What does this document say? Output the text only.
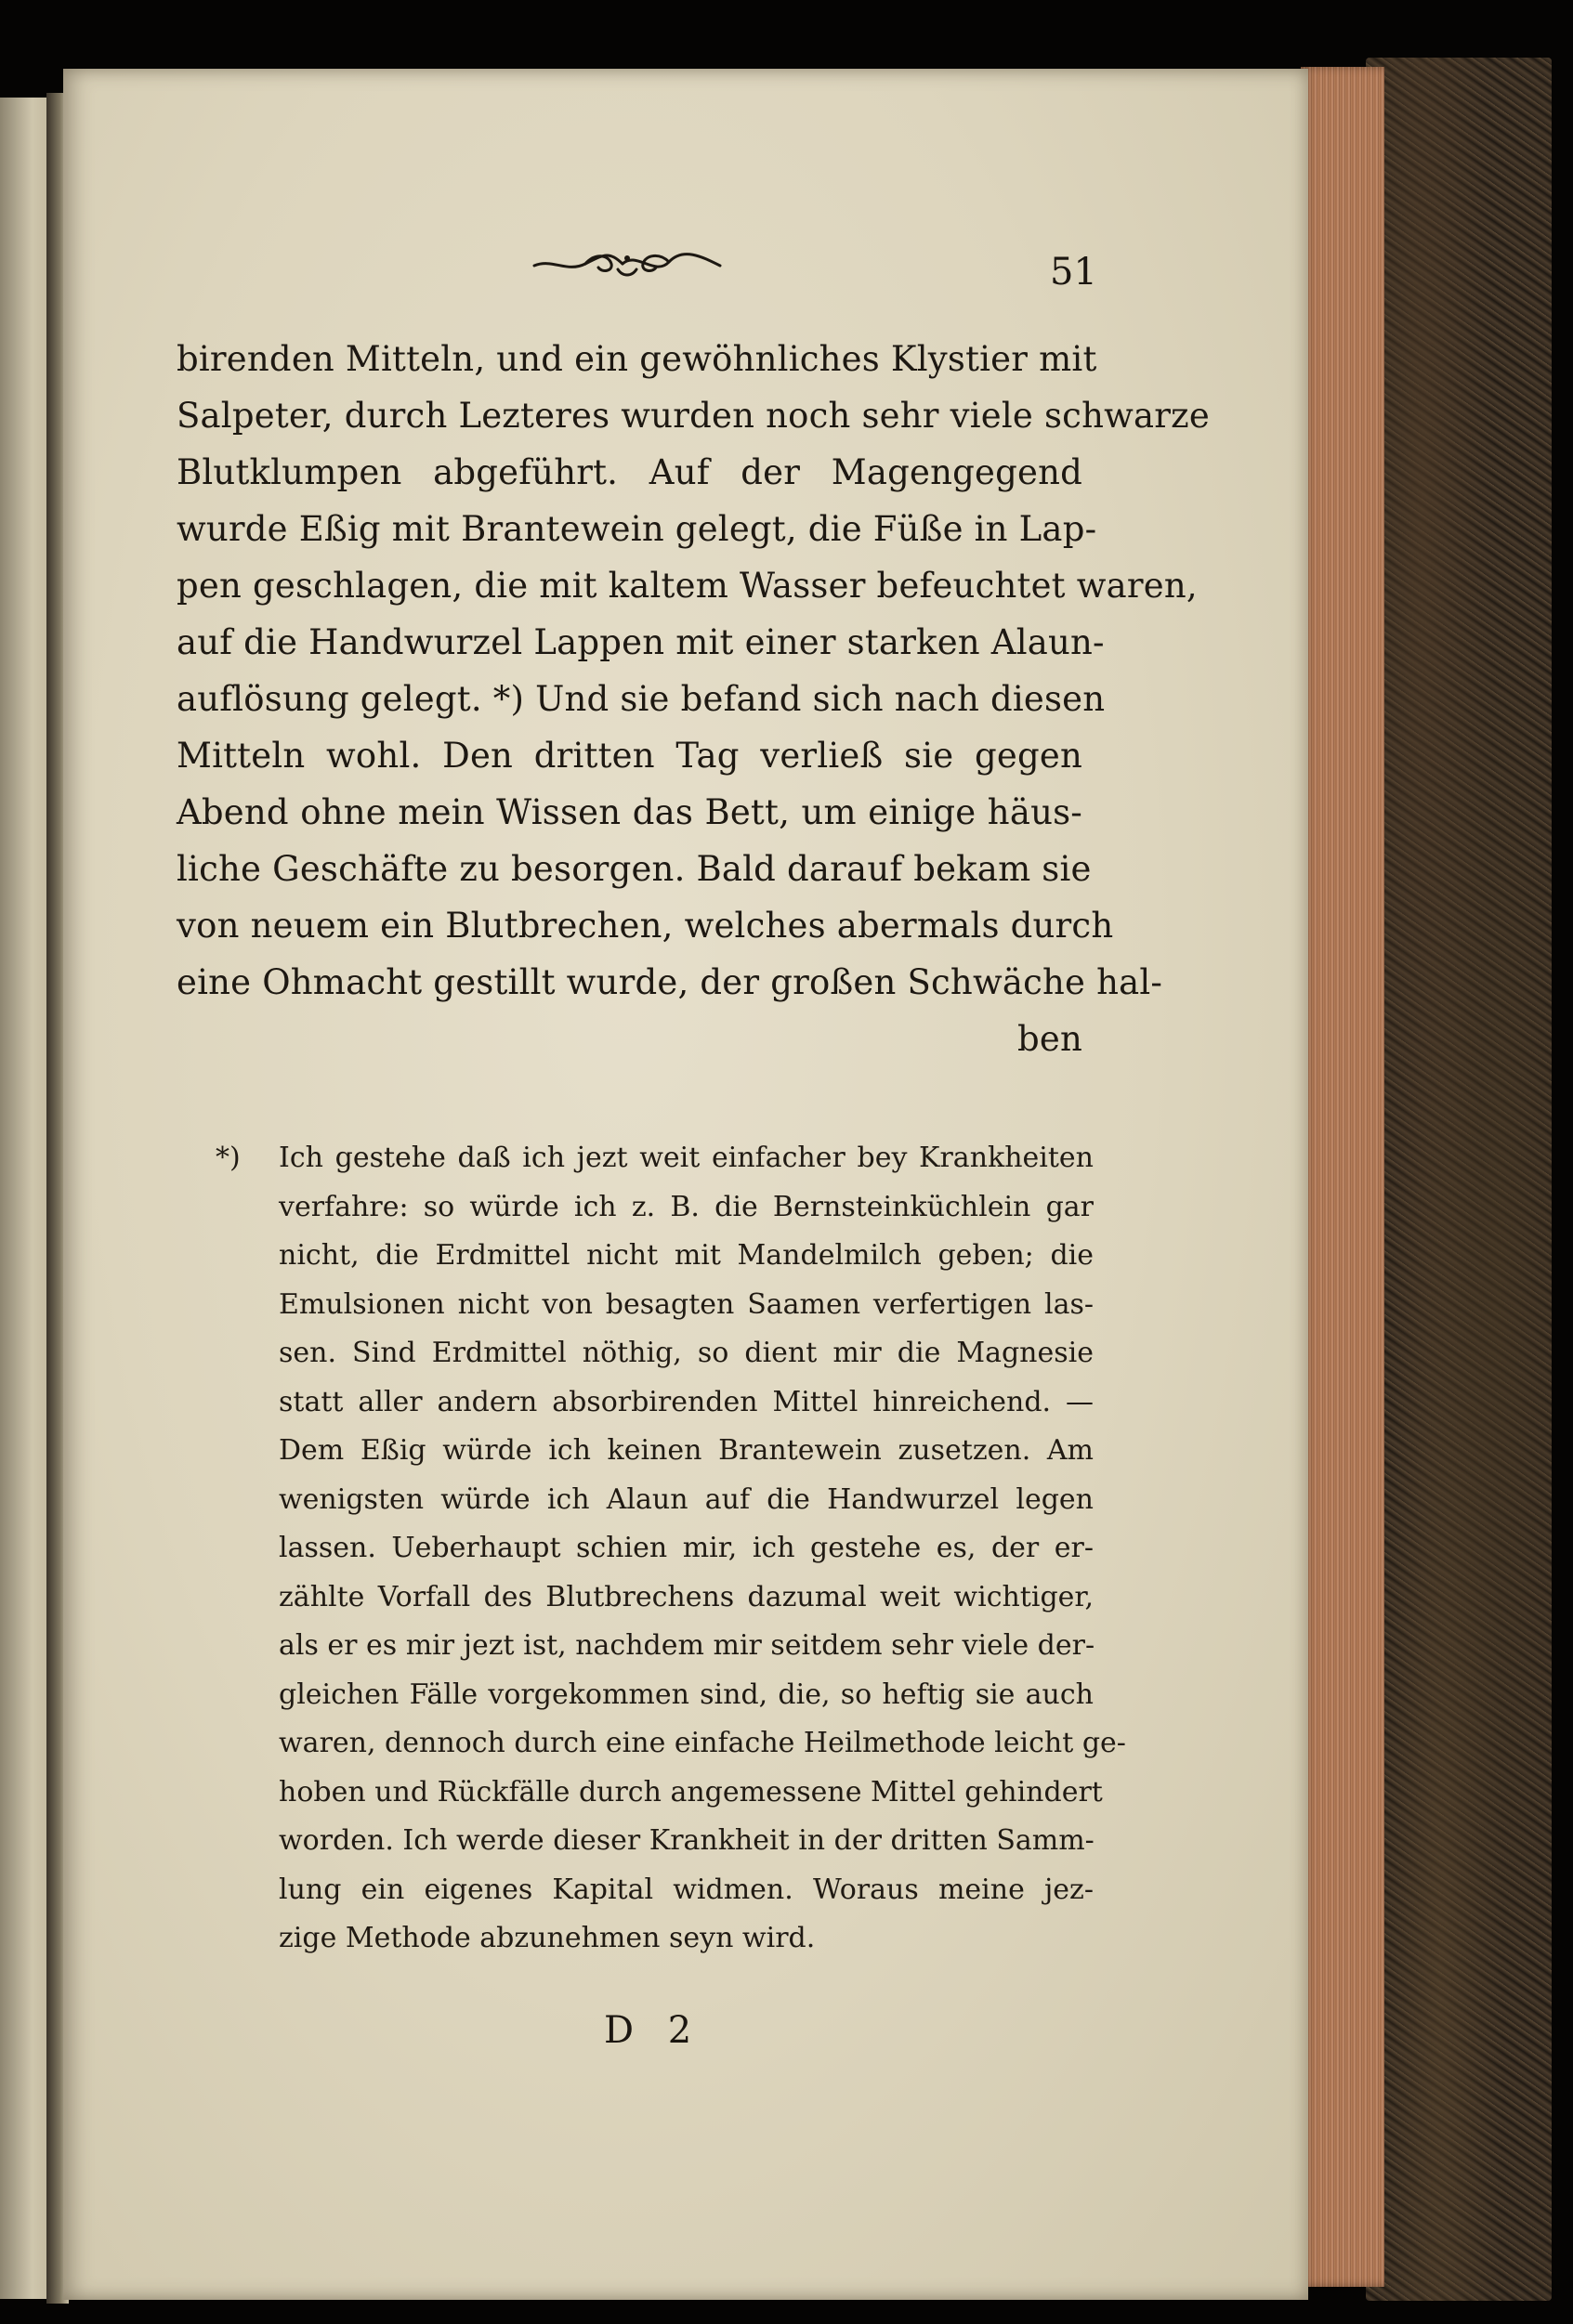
51
birenden Mitteln, und ein gewöhnliches Klystier mit
Salpeter, durch Lezteres wurden noch sehr viele schwarze
Blutklumpen abgeführt. Auf der Magengegend
wurde Eßig mit Brantewein gelegt, die Füße in Lap-
pen geschlagen, die mit kaltem Wasser befeuchtet waren,
auf die Handwurzel Lappen mit einer starken Alaun-
auflösung gelegt. *) Und sie befand sich nach diesen
Mitteln wohl. Den dritten Tag verließ sie gegen
Abend ohne mein Wissen das Bett, um einige häus-
liche Geschäfte zu besorgen. Bald darauf bekam sie
von neuem ein Blutbrechen, welches abermals durch
eine Ohmacht gestillt wurde, der großen Schwäche hal-
ben
*) Ich gestehe daß ich jezt weit einfacher bey Krankheiten
verfahre: so würde ich z. B. die Bernsteinküchlein gar
nicht, die Erdmittel nicht mit Mandelmilch geben; die
Emulsionen nicht von besagten Saamen verfertigen las-
sen. Sind Erdmittel nöthig, so dient mir die Magnesie
statt aller andern absorbirenden Mittel hinreichend. —
Dem Eßig würde ich keinen Brantewein zusetzen. Am
wenigsten würde ich Alaun auf die Handwurzel legen
lassen. Ueberhaupt schien mir, ich gestehe es, der er-
zählte Vorfall des Blutbrechens dazumal weit wichtiger,
als er es mir jezt ist, nachdem mir seitdem sehr viele der-
gleichen Fälle vorgekommen sind, die, so heftig sie auch
waren, dennoch durch eine einfache Heilmethode leicht ge-
hoben und Rückfälle durch angemessene Mittel gehindert
worden. Ich werde dieser Krankheit in der dritten Samm-
lung ein eigenes Kapital widmen. Woraus meine jez-
zige Methode abzunehmen seyn wird.
D 2
